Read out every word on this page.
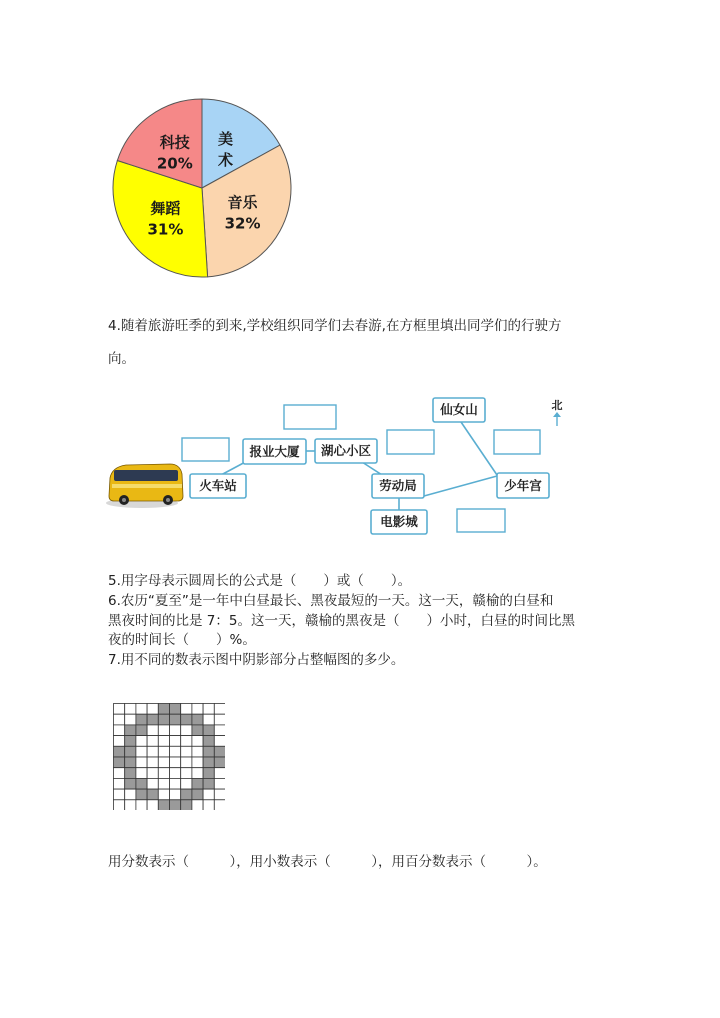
美术
音乐
32%
舞蹈
31%
科技
20%
4.随着旅游旺季的到来,学校组织同学们去春游,在方框里填出同学们的行驶方
向。
火车站
报业大厦 湖心小区
劳动局
电影城
少年宫
仙女山	北
5.用字母表示圆周长的公式是（　　）或（　　）。
6.农历“夏至”是一年中白昼最长、黑夜最短的一天。这一天，赣榆的白昼和
黑夜时间的比是 7：5。这一天，赣榆的黑夜是（　　）小时，白昼的时间比黑
夜的时间长（　　）%。
7.用不同的数表示图中阴影部分占整幅图的多少。
用分数表示（　　　），用小数表示（　　　），用百分数表示（　　　）。
